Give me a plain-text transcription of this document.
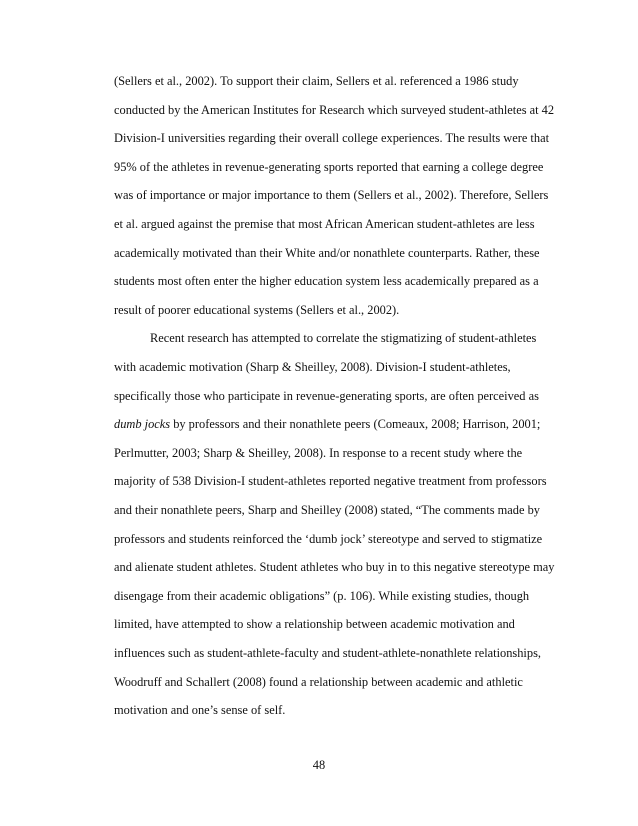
(Sellers et al., 2002). To support their claim, Sellers et al. referenced a 1986 study
conducted by the American Institutes for Research which surveyed student-athletes at 42
Division-I universities regarding their overall college experiences. The results were that
95% of the athletes in revenue-generating sports reported that earning a college degree
was of importance or major importance to them (Sellers et al., 2002). Therefore, Sellers
et al. argued against the premise that most African American student-athletes are less
academically motivated than their White and/or nonathlete counterparts. Rather, these
students most often enter the higher education system less academically prepared as a
result of poorer educational systems (Sellers et al., 2002).
Recent research has attempted to correlate the stigmatizing of student-athletes
with academic motivation (Sharp & Sheilley, 2008). Division-I student-athletes,
specifically those who participate in revenue-generating sports, are often perceived as
dumb jocks by professors and their nonathlete peers (Comeaux, 2008; Harrison, 2001;
Perlmutter, 2003; Sharp & Sheilley, 2008). In response to a recent study where the
majority of 538 Division-I student-athletes reported negative treatment from professors
and their nonathlete peers, Sharp and Sheilley (2008) stated, “The comments made by
professors and students reinforced the ‘dumb jock’ stereotype and served to stigmatize
and alienate student athletes. Student athletes who buy in to this negative stereotype may
disengage from their academic obligations” (p. 106). While existing studies, though
limited, have attempted to show a relationship between academic motivation and
48
influences such as student-athlete-faculty and student-athlete-nonathlete relationships,
Woodruff and Schallert (2008) found a relationship between academic and athletic
motivation and one’s sense of self.
